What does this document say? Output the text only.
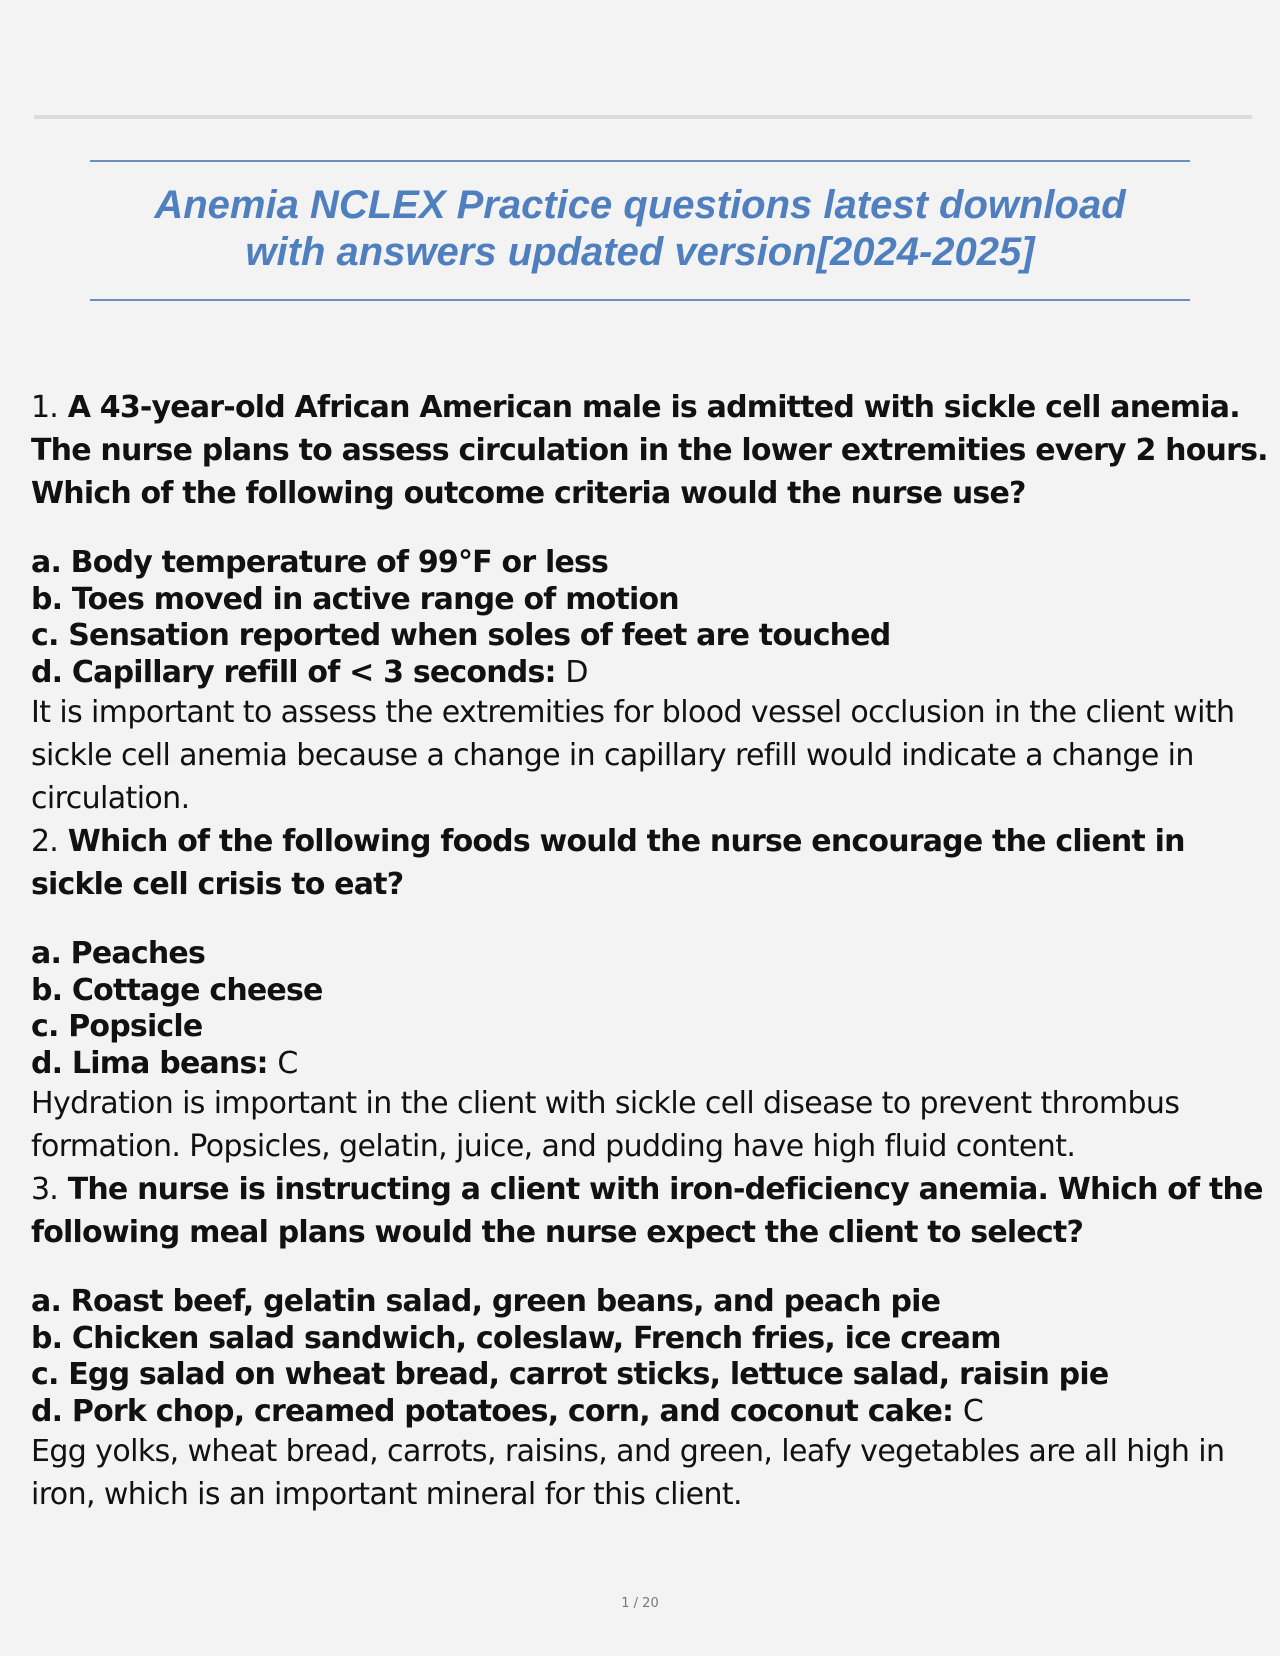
Anemia NCLEX Practice questions latest download
with answers updated version[2024-2025]

1. A 43-year-old African American male is admitted with sickle cell anemia. The nurse plans to assess circulation in the lower extremities every 2 hours. Which of the following outcome criteria would the nurse use?

a. Body temperature of 99°F or less

b. Toes moved in active range of motion

c. Sensation reported when soles of feet are touched

d. Capillary refill of < 3 seconds: D

It is important to assess the extremities for blood vessel occlusion in the client with sickle cell anemia because a change in capillary refill would indicate a change in circulation.

2. Which of the following foods would the nurse encourage the client in sickle cell crisis to eat?

a. Peaches

b. Cottage cheese

c. Popsicle

d. Lima beans: C

Hydration is important in the client with sickle cell disease to prevent thrombus formation. Popsicles, gelatin, juice, and pudding have high fluid content.

3. The nurse is instructing a client with iron-deficiency anemia. Which of the following meal plans would the nurse expect the client to select?

a. Roast beef, gelatin salad, green beans, and peach pie

b. Chicken salad sandwich, coleslaw, French fries, ice cream

c. Egg salad on wheat bread, carrot sticks, lettuce salad, raisin pie

d. Pork chop, creamed potatoes, corn, and coconut cake: C

Egg yolks, wheat bread, carrots, raisins, and green, leafy vegetables are all high in iron, which is an important mineral for this client.

1 / 20
